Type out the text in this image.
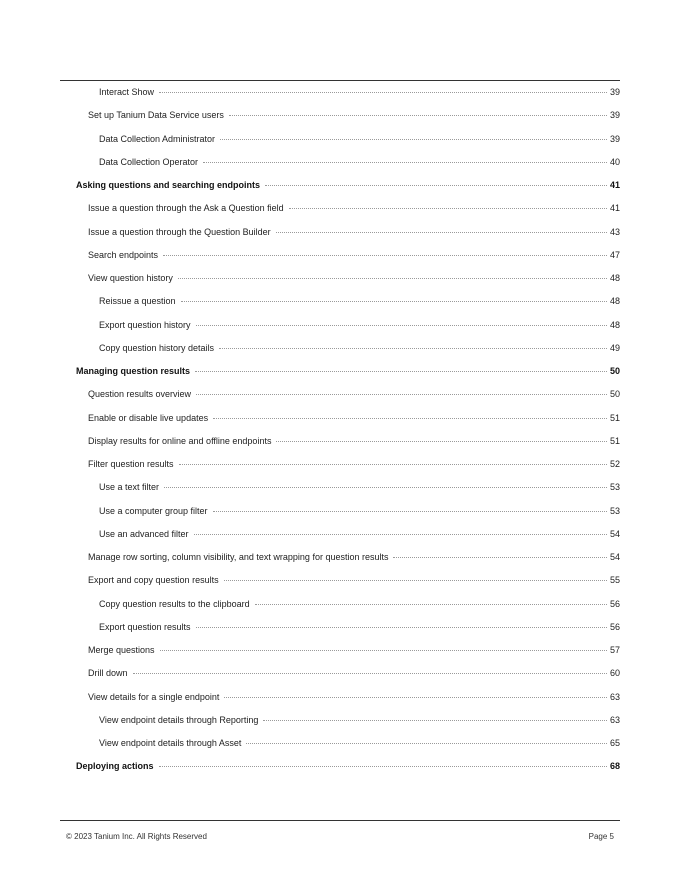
Interact Show	39
Set up Tanium Data Service users	39
Data Collection Administrator	39
Data Collection Operator	40
Asking questions and searching endpoints	41
Issue a question through the Ask a Question field	41
Issue a question through the Question Builder	43
Search endpoints	47
View question history	48
Reissue a question	48
Export question history	48
Copy question history details	49
Managing question results	50
Question results overview	50
Enable or disable live updates	51
Display results for online and offline endpoints	51
Filter question results	52
Use a text filter	53
Use a computer group filter	53
Use an advanced filter	54
Manage row sorting, column visibility, and text wrapping for question results	54
Export and copy question results	55
Copy question results to the clipboard	56
Export question results	56
Merge questions	57
Drill down	60
View details for a single endpoint	63
View endpoint details through Reporting	63
View endpoint details through Asset	65
Deploying actions	68
© 2023 Tanium Inc. All Rights Reserved	Page 5
